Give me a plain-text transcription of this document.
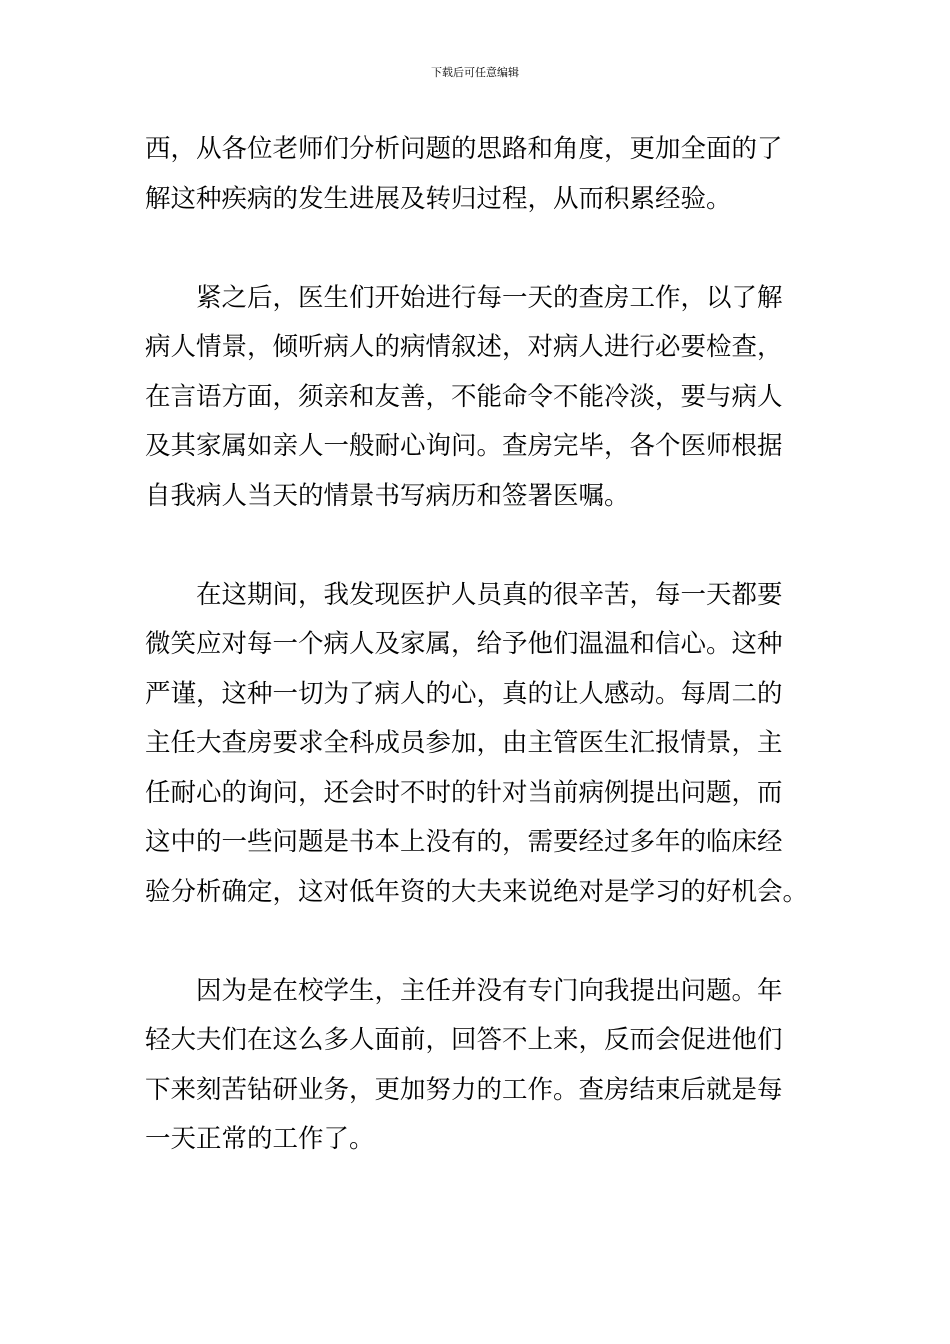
下载后可任意编辑
西，从各位老师们分析问题的思路和角度，更加全面的了
解这种疾病的发生进展及转归过程，从而积累经验。
紧之后，医生们开始进行每一天的查房工作，以了解
病人情景，倾听病人的病情叙述，对病人进行必要检查，
在言语方面，须亲和友善，不能命令不能冷淡，要与病人
及其家属如亲人一般耐心询问。查房完毕，各个医师根据
自我病人当天的情景书写病历和签署医嘱。
在这期间，我发现医护人员真的很辛苦，每一天都要
微笑应对每一个病人及家属，给予他们温温和信心。这种
严谨，这种一切为了病人的心，真的让人感动。每周二的
主任大查房要求全科成员参加，由主管医生汇报情景，主
任耐心的询问，还会时不时的针对当前病例提出问题，而
这中的一些问题是书本上没有的，需要经过多年的临床经
验分析确定，这对低年资的大夫来说绝对是学习的好机会。
因为是在校学生，主任并没有专门向我提出问题。年
轻大夫们在这么多人面前，回答不上来，反而会促进他们
下来刻苦钻研业务，更加努力的工作。查房结束后就是每
一天正常的工作了。
